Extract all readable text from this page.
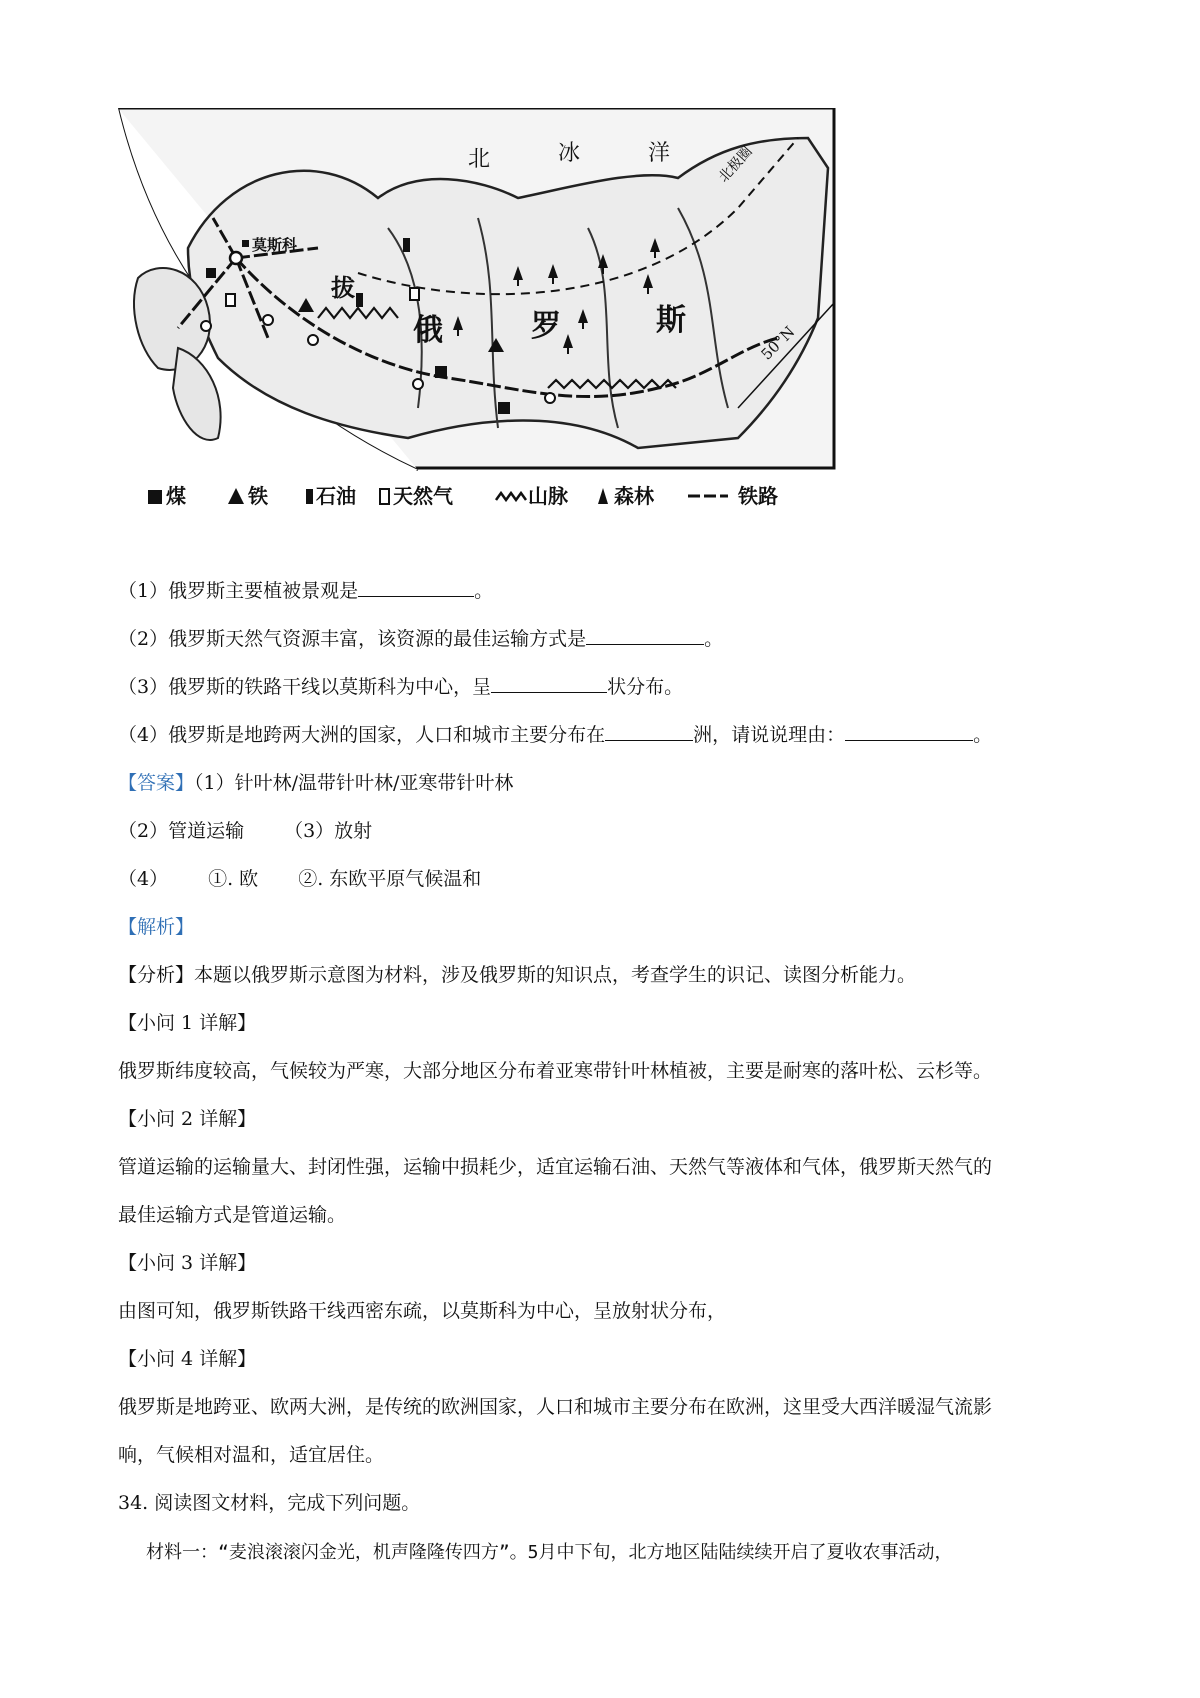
莫斯科
北	冰	洋	北极圈
拔
俄	罗	斯
50°N
煤	铁 石油 天然气	山脉 森林	铁路
（1）俄罗斯主要植被景观是	。
（2）俄罗斯天然气资源丰富，该资源的最佳运输方式是	。
（3）俄罗斯的铁路干线以莫斯科为中心，呈	状分布。
（4）俄罗斯是地跨两大洲的国家，人口和城市主要分布在	洲，请说说理由：	。
【答案】（1）针叶林/温带针叶林/亚寒带针叶林
（2）管道运输 （3）放射
（4） ①. 欧 ②. 东欧平原气候温和
【解析】
【分析】本题以俄罗斯示意图为材料，涉及俄罗斯的知识点，考查学生的识记、读图分析能力。
【小问 1 详解】
俄罗斯纬度较高，气候较为严寒，大部分地区分布着亚寒带针叶林植被，主要是耐寒的落叶松、云杉等。
【小问 2 详解】
管道运输的运输量大、封闭性强，运输中损耗少，适宜运输石油、天然气等液体和气体，俄罗斯天然气的
最佳运输方式是管道运输。
【小问 3 详解】
由图可知，俄罗斯铁路干线西密东疏，以莫斯科为中心，呈放射状分布，
【小问 4 详解】
俄罗斯是地跨亚、欧两大洲，是传统的欧洲国家，人口和城市主要分布在欧洲，这里受大西洋暖湿气流影
响，气候相对温和，适宜居住。
34. 阅读图文材料，完成下列问题。
材料一：“麦浪滚滚闪金光，机声隆隆传四方”。5月中下旬，北方地区陆陆续续开启了夏收农事活动，
